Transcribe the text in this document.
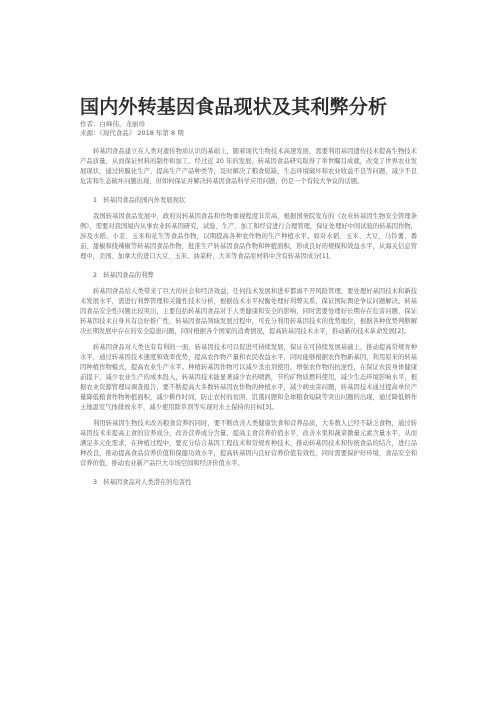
国内外转基因食品现状及其利弊分析
作者：白峰伟，龙丽珍
来源：《现代食品》 2018 年第 8 期

转基因食品建立在人类对遗传物质认识的基础上，随着现代生物技术高速发展，需要利用基因遗传技术提高生物技术产品质量，从而保证材料的制作和加工。经过近 20 年的发展，转基因食品研究取得了举世瞩目成就，改变了世界农业发展现状，通过转膜化生产，提高生产产品种类等，及时解决了粮食短缺、生态环境破坏和农业收益不良等问题，减少不良危害和生态破坏问题出现，但如何保证并解决转基因食品科学应用问题，仍是一个有较大争议的话题。

1　转基因食品的国内外发展现状

我国转基因食品发展中，政府对转基因食品和作物重视程度非常高，根据国务院发布的《农业转基因生物安全管理条例》，需要对我国境内从事农业转基因研究、试验、生产、加工和经营进行合理管理，保证处理好中间试验的转基因作物，涉及水稻、小麦、玉米和花生等食品作物，以期提高各种农作物的生产种植水平。如对水稻、玉米、大豆、马铃薯、番茄、甜椒和线辣椒等转基因食品作物，批准生产转基因食品作物和种植面积，形成良好的规模和效益水平，从海关信息管理中，美国、加拿大的进口大豆、玉米、油菜籽、大米等食品原材料中含有转基因成分[1]。

2　转基因食品的利弊

转基因食品给人类带来了巨大的社会和经济效益，任何技术发展和进步都离不开风险管理，要处理好基因技术和新技术发展水平，需进行利弊管理和关键性技术分析，根据技术水平权衡处理好利弊关系，保证国际舆论争议问题解决。转基因食品安全性问题比较突出，主要包括转基因食品对于人类健康和安全的影响，同时需要处理好长期存在危害问题，保证转基因技术自身具有良好推广性，转基因食品领域发展过程中，可充分利用转基因技术的优势地位，根据各种优势判断解决长期发展中存在的安全隐患问题，同时根据各个国家的消费情况，提高转基因技术水平，推动新的技术革命发展[2]。

转基因食品对人类也有有利的一面，转基因技术可以促进可持续发展，保证在可持续发展基础上，推动提高常规育种水平，通过转基因技术速度和效率优势，提高农作物产量和农民收益水平，同时能够根据农作物新基因，利用原来的转基因种植作物模式，提高农业生产水平。种植转基因作物可以减少杀虫剂使用，增强农作物的抗逆性，在保证农民身体健康前提下，减少农业生产的成本投入，转基因技术能显著减少农药喷洒，节约矿物质燃料使用，减少生态环境影响水平，根据农业资源管理局调查报告，要不断提高大多数转基因农作物的种植水平，减少病虫害问题，转基因技术通过提高单位产量降低粮食作物种植面积，减少耕作时间，防止农村的贫困、饥饿问题和全球粮食短缺等突出问题的出现，通过降低耕作土地温室气体排放水平，减少使用除草剂等实现对水土保持的目标[3]。

利用转基因生物技术改善粮食营养的同时，要不断改善人类健康饮食和营养品质，大多数人已经不缺乏食物，通过转基因技术来提高主食的营养成分，改善营养成分含量，提高主食营养价值水平，改善水果和蔬菜微量元素含量水平，从而满足多元化需求，在种植过程中，要充分结合基因工程技术和常规育种技术，推动转基因技术和传统食品的结合，进行品种改良，推动提高食品营养价值和保健功效水平，提高转基因内良好营养价值有效性，同时需要保护好环境，食品安全和营养价值，推动农业新产品巨大市场空间和经济价值水平。

3　转基因食品对人类潜在的危害性
